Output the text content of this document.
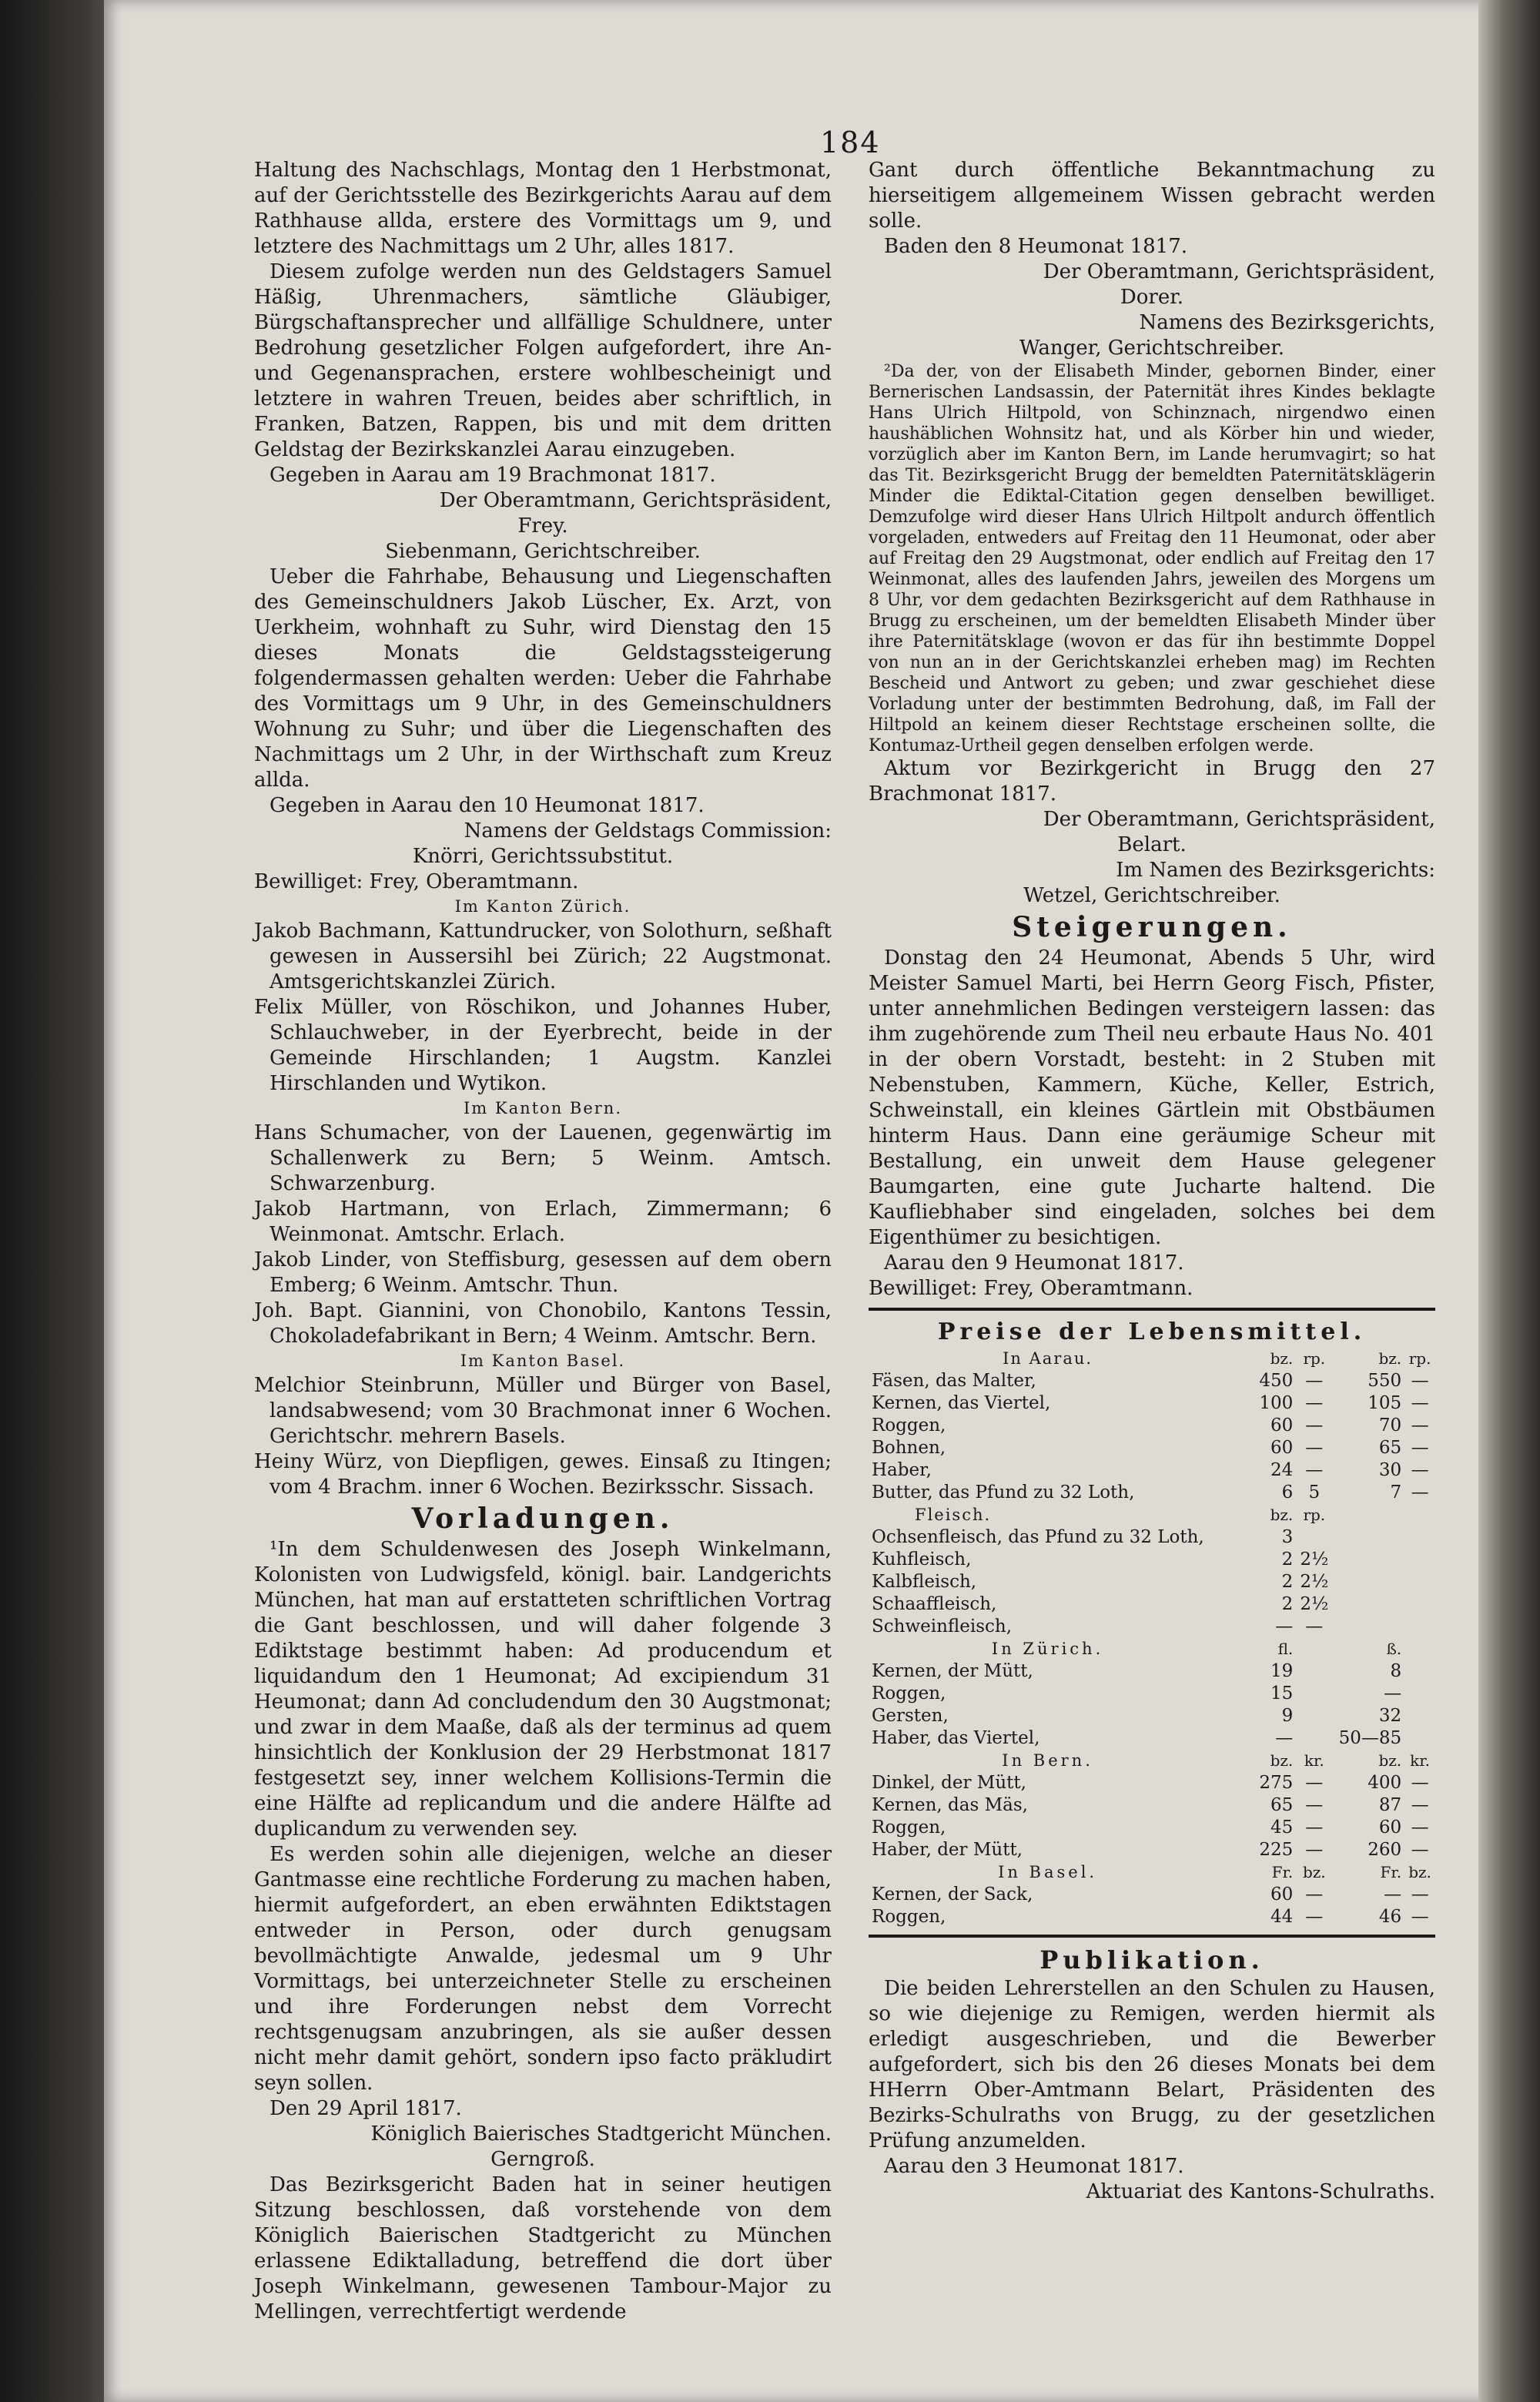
184

Haltung des Nachschlags, Montag den 1 Herbstmonat, auf der Gerichtsstelle des Bezirkgerichts Aarau auf dem Rathhause allda, erstere des Vormittags um 9, und letztere des Nachmittags um 2 Uhr, alles 1817.

Diesem zufolge werden nun des Geldstagers Samuel Häßig, Uhrenmachers, sämtliche Gläubiger, Bürgschaftansprecher und allfällige Schuldnere, unter Bedrohung gesetzlicher Folgen aufgefordert, ihre An- und Gegenansprachen, erstere wohlbescheinigt und letztere in wahren Treuen, beides aber schriftlich, in Franken, Batzen, Rappen, bis und mit dem dritten Geldstag der Bezirkskanzlei Aarau einzugeben.

Gegeben in Aarau am 19 Brachmonat 1817.

Der Oberamtmann, Gerichtspräsident,

Frey.

Siebenmann, Gerichtschreiber.

Ueber die Fahrhabe, Behausung und Liegenschaften des Gemeinschuldners Jakob Lüscher, Ex. Arzt, von Uerkheim, wohnhaft zu Suhr, wird Dienstag den 15 dieses Monats die Geldstagssteigerung folgendermassen gehalten werden: Ueber die Fahrhabe des Vormittags um 9 Uhr, in des Gemeinschuldners Wohnung zu Suhr; und über die Liegenschaften des Nachmittags um 2 Uhr, in der Wirthschaft zum Kreuz allda.

Gegeben in Aarau den 10 Heumonat 1817.

Namens der Geldstags Commission:

Knörri, Gerichtssubstitut.

Bewilliget: Frey, Oberamtmann.

Im Kanton Zürich.

Jakob Bachmann, Kattundrucker, von Solothurn, seßhaft gewesen in Aussersihl bei Zürich; 22 Augstmonat. Amtsgerichtskanzlei Zürich.

Felix Müller, von Röschikon, und Johannes Huber, Schlauchweber, in der Eyerbrecht, beide in der Gemeinde Hirschlanden; 1 Augstm. Kanzlei Hirschlanden und Wytikon.

Im Kanton Bern.

Hans Schumacher, von der Lauenen, gegenwärtig im Schallenwerk zu Bern; 5 Weinm. Amtsch. Schwarzenburg.

Jakob Hartmann, von Erlach, Zimmermann; 6 Weinmonat. Amtschr. Erlach.

Jakob Linder, von Steffisburg, gesessen auf dem obern Emberg; 6 Weinm. Amtschr. Thun.

Joh. Bapt. Giannini, von Chonobilo, Kantons Tessin, Chokoladefabrikant in Bern; 4 Weinm. Amtschr. Bern.

Im Kanton Basel.

Melchior Steinbrunn, Müller und Bürger von Basel, landsabwesend; vom 30 Brachmonat inner 6 Wochen. Gerichtschr. mehrern Basels.

Heiny Würz, von Diepfligen, gewes. Einsaß zu Itingen; vom 4 Brachm. inner 6 Wochen. Bezirksschr. Sissach.

Vorladungen.

¹In dem Schuldenwesen des Joseph Winkelmann, Kolonisten von Ludwigsfeld, königl. bair. Landgerichts München, hat man auf erstatteten schriftlichen Vortrag die Gant beschlossen, und will daher folgende 3 Ediktstage bestimmt haben: Ad producendum et liquidandum den 1 Heumonat; Ad excipiendum 31 Heumonat; dann Ad concludendum den 30 Augstmonat; und zwar in dem Maaße, daß als der terminus ad quem hinsichtlich der Konklusion der 29 Herbstmonat 1817 festgesetzt sey, inner welchem Kollisions-Termin die eine Hälfte ad replicandum und die andere Hälfte ad duplicandum zu verwenden sey.

Es werden sohin alle diejenigen, welche an dieser Gantmasse eine rechtliche Forderung zu machen haben, hiermit aufgefordert, an eben erwähnten Ediktstagen entweder in Person, oder durch genugsam bevollmächtigte Anwalde, jedesmal um 9 Uhr Vormittags, bei unterzeichneter Stelle zu erscheinen und ihre Forderungen nebst dem Vorrecht rechtsgenugsam anzubringen, als sie außer dessen nicht mehr damit gehört, sondern ipso facto präkludirt seyn sollen.

Den 29 April 1817.

Königlich Baierisches Stadtgericht München.

Gerngroß.

Das Bezirksgericht Baden hat in seiner heutigen Sitzung beschlossen, daß vorstehende von dem Königlich Baierischen Stadtgericht zu München erlassene Ediktalladung, betreffend die dort über Joseph Winkelmann, gewesenen Tambour-Major zu Mellingen, verrechtfertigt werdende

Gant durch öffentliche Bekanntmachung zu hierseitigem allgemeinem Wissen gebracht werden solle.

Baden den 8 Heumonat 1817.

Der Oberamtmann, Gerichtspräsident,

Dorer.

Namens des Bezirksgerichts,

Wanger, Gerichtschreiber.

²Da der, von der Elisabeth Minder, gebornen Binder, einer Bernerischen Landsassin, der Paternität ihres Kindes beklagte Hans Ulrich Hiltpold, von Schinznach, nirgendwo einen haushäblichen Wohnsitz hat, und als Körber hin und wieder, vorzüglich aber im Kanton Bern, im Lande herumvagirt; so hat das Tit. Bezirksgericht Brugg der bemeldten Paternitätsklägerin Minder die Ediktal-Citation gegen denselben bewilliget. Demzufolge wird dieser Hans Ulrich Hiltpolt andurch öffentlich vorgeladen, entweders auf Freitag den 11 Heumonat, oder aber auf Freitag den 29 Augstmonat, oder endlich auf Freitag den 17 Weinmonat, alles des laufenden Jahrs, jeweilen des Morgens um 8 Uhr, vor dem gedachten Bezirksgericht auf dem Rathhause in Brugg zu erscheinen, um der bemeldten Elisabeth Minder über ihre Paternitätsklage (wovon er das für ihn bestimmte Doppel von nun an in der Gerichtskanzlei erheben mag) im Rechten Bescheid und Antwort zu geben; und zwar geschiehet diese Vorladung unter der bestimmten Bedrohung, daß, im Fall der Hiltpold an keinem dieser Rechtstage erscheinen sollte, die Kontumaz-Urtheil gegen denselben erfolgen werde.

Aktum vor Bezirkgericht in Brugg den 27 Brachmonat 1817.

Der Oberamtmann, Gerichtspräsident,

Belart.

Im Namen des Bezirksgerichts:

Wetzel, Gerichtschreiber.

Steigerungen.

Donstag den 24 Heumonat, Abends 5 Uhr, wird Meister Samuel Marti, bei Herrn Georg Fisch, Pfister, unter annehmlichen Bedingen versteigern lassen: das ihm zugehörende zum Theil neu erbaute Haus No. 401 in der obern Vorstadt, besteht: in 2 Stuben mit Nebenstuben, Kammern, Küche, Keller, Estrich, Schweinstall, ein kleines Gärtlein mit Obstbäumen hinterm Haus. Dann eine geräumige Scheur mit Bestallung, ein unweit dem Hause gelegener Baumgarten, eine gute Jucharte haltend. Die Kaufliebhaber sind eingeladen, solches bei dem Eigenthümer zu besichtigen.

Aarau den 9 Heumonat 1817.

Bewilliget: Frey, Oberamtmann.

Preise der Lebensmittel.

In Aarau.	bz.	rp.	bz.	rp.
Fäsen, das Malter,	450	—	550	—
Kernen, das Viertel,	100	—	105	—
Roggen,	60	—	70	—
Bohnen,	60	—	65	—
Haber,	24	—	30	—
Butter, das Pfund zu 32 Loth,	6	5	7	—
Fleisch.	bz.	rp.		
Ochsenfleisch, das Pfund zu 32 Loth,	3			
Kuhfleisch,	2	2½		
Kalbfleisch,	2	2½		
Schaaffleisch,	2	2½		
Schweinfleisch,	—	—		
In Zürich.	fl.		ß.	
Kernen, der Mütt,	19		8	
Roggen,	15		—	
Gersten,	9		32	
Haber, das Viertel,	—		50—85	
In Bern.	bz.	kr.	bz.	kr.
Dinkel, der Mütt,	275	—	400	—
Kernen, das Mäs,	65	—	87	—
Roggen,	45	—	60	—
Haber, der Mütt,	225	—	260	—
In Basel.	Fr.	bz.	Fr.	bz.
Kernen, der Sack,	60	—	—	—
Roggen,	44	—	46	—

Publikation.

Die beiden Lehrerstellen an den Schulen zu Hausen, so wie diejenige zu Remigen, werden hiermit als erledigt ausgeschrieben, und die Bewerber aufgefordert, sich bis den 26 dieses Monats bei dem HHerrn Ober-Amtmann Belart, Präsidenten des Bezirks-Schulraths von Brugg, zu der gesetzlichen Prüfung anzumelden.

Aarau den 3 Heumonat 1817.

Aktuariat des Kantons-Schulraths.
